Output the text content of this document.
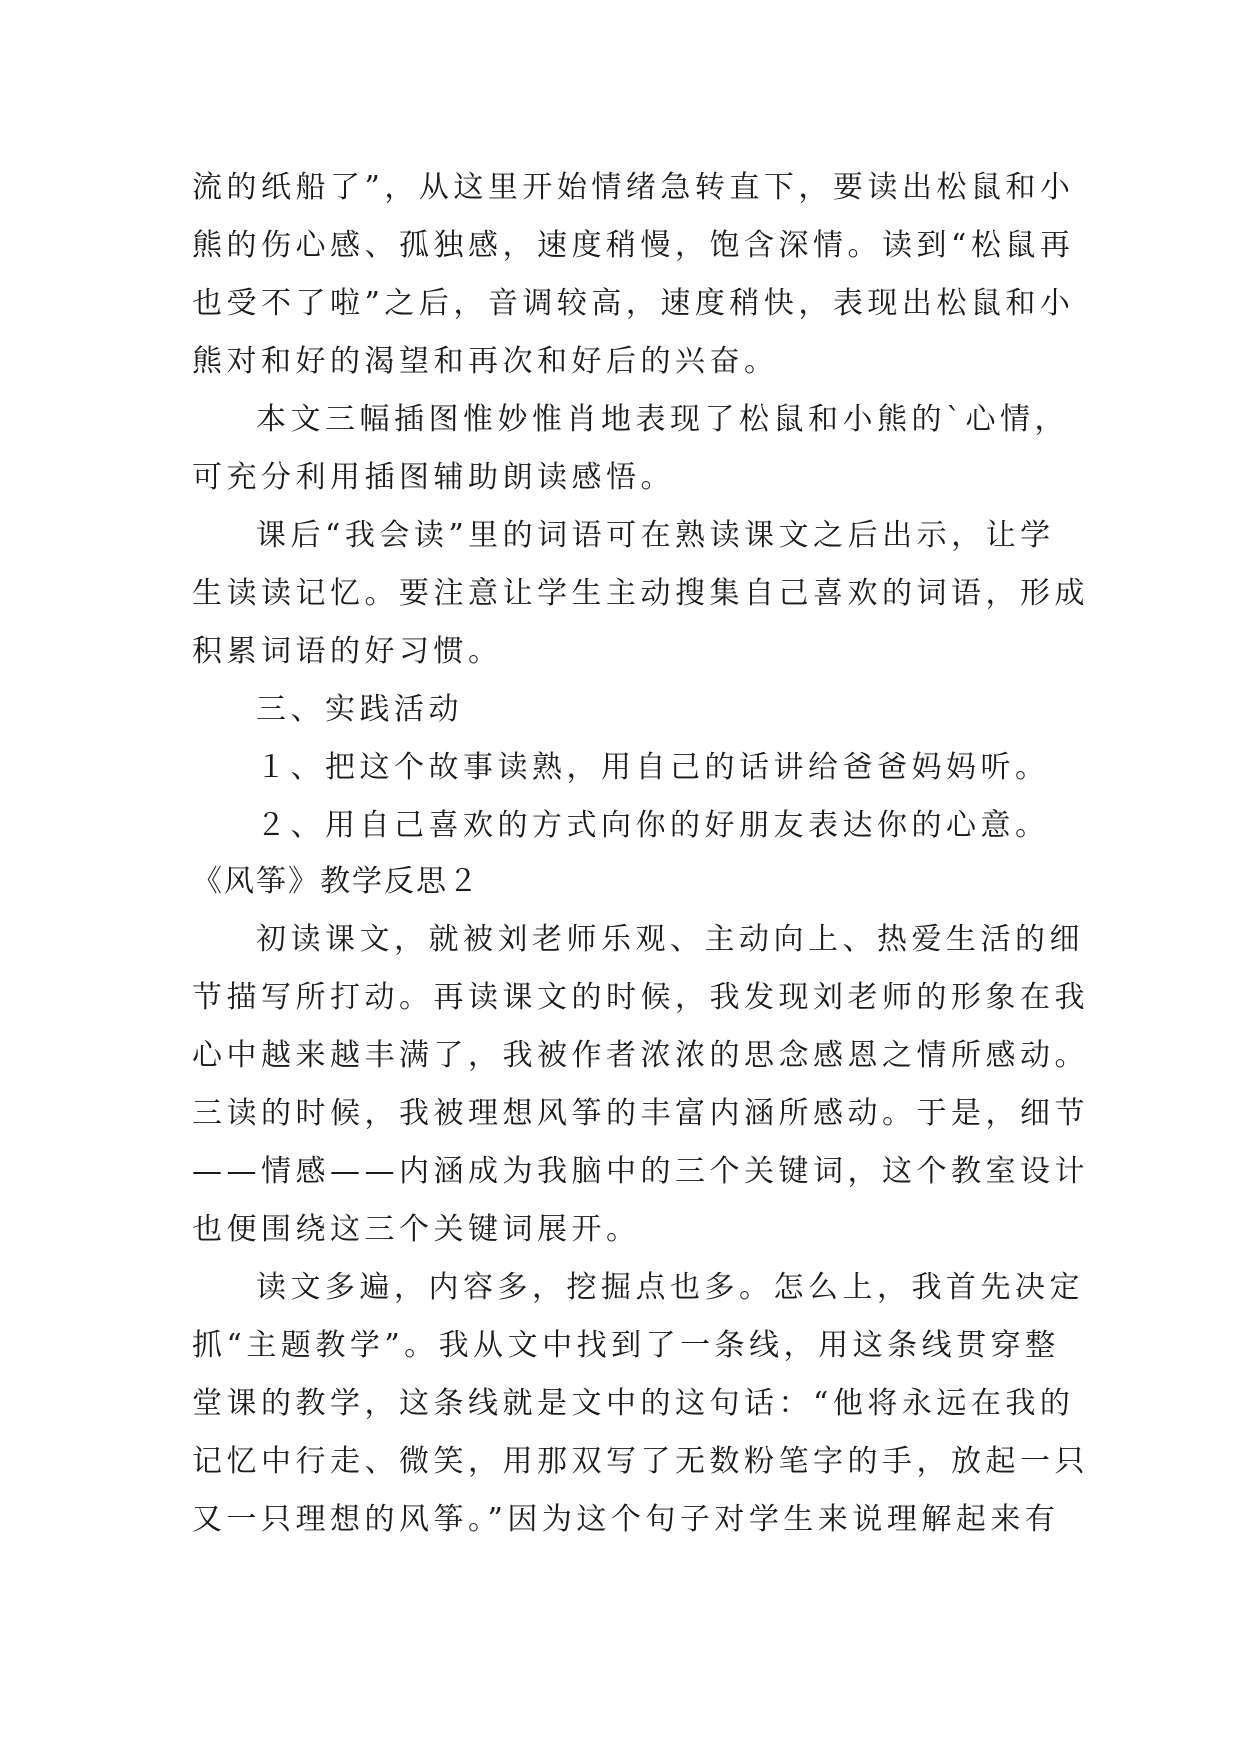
流的纸船了”，从这里开始情绪急转直下，要读出松鼠和小

熊的伤心感、孤独感，速度稍慢，饱含深情。读到“松鼠再

也受不了啦”之后，音调较高，速度稍快，表现出松鼠和小

熊对和好的渴望和再次和好后的兴奋。

本文三幅插图惟妙惟肖地表现了松鼠和小熊的`心情，

可充分利用插图辅助朗读感悟。

课后“我会读”里的词语可在熟读课文之后出示，让学

生读读记忆。要注意让学生主动搜集自己喜欢的词语，形成

积累词语的好习惯。

三、实践活动

１、把这个故事读熟，用自己的话讲给爸爸妈妈听。

２、用自己喜欢的方式向你的好朋友表达你的心意。

《风筝》教学反思２

初读课文，就被刘老师乐观、主动向上、热爱生活的细

节描写所打动。再读课文的时候，我发现刘老师的形象在我

心中越来越丰满了，我被作者浓浓的思念感恩之情所感动。

三读的时候，我被理想风筝的丰富内涵所感动。于是，细节

——情感——内涵成为我脑中的三个关键词，这个教室设计

也便围绕这三个关键词展开。

读文多遍，内容多，挖掘点也多。怎么上，我首先决定

抓“主题教学”。我从文中找到了一条线，用这条线贯穿整

堂课的教学，这条线就是文中的这句话：“他将永远在我的

记忆中行走、微笑，用那双写了无数粉笔字的手，放起一只

又一只理想的风筝。”因为这个句子对学生来说理解起来有
